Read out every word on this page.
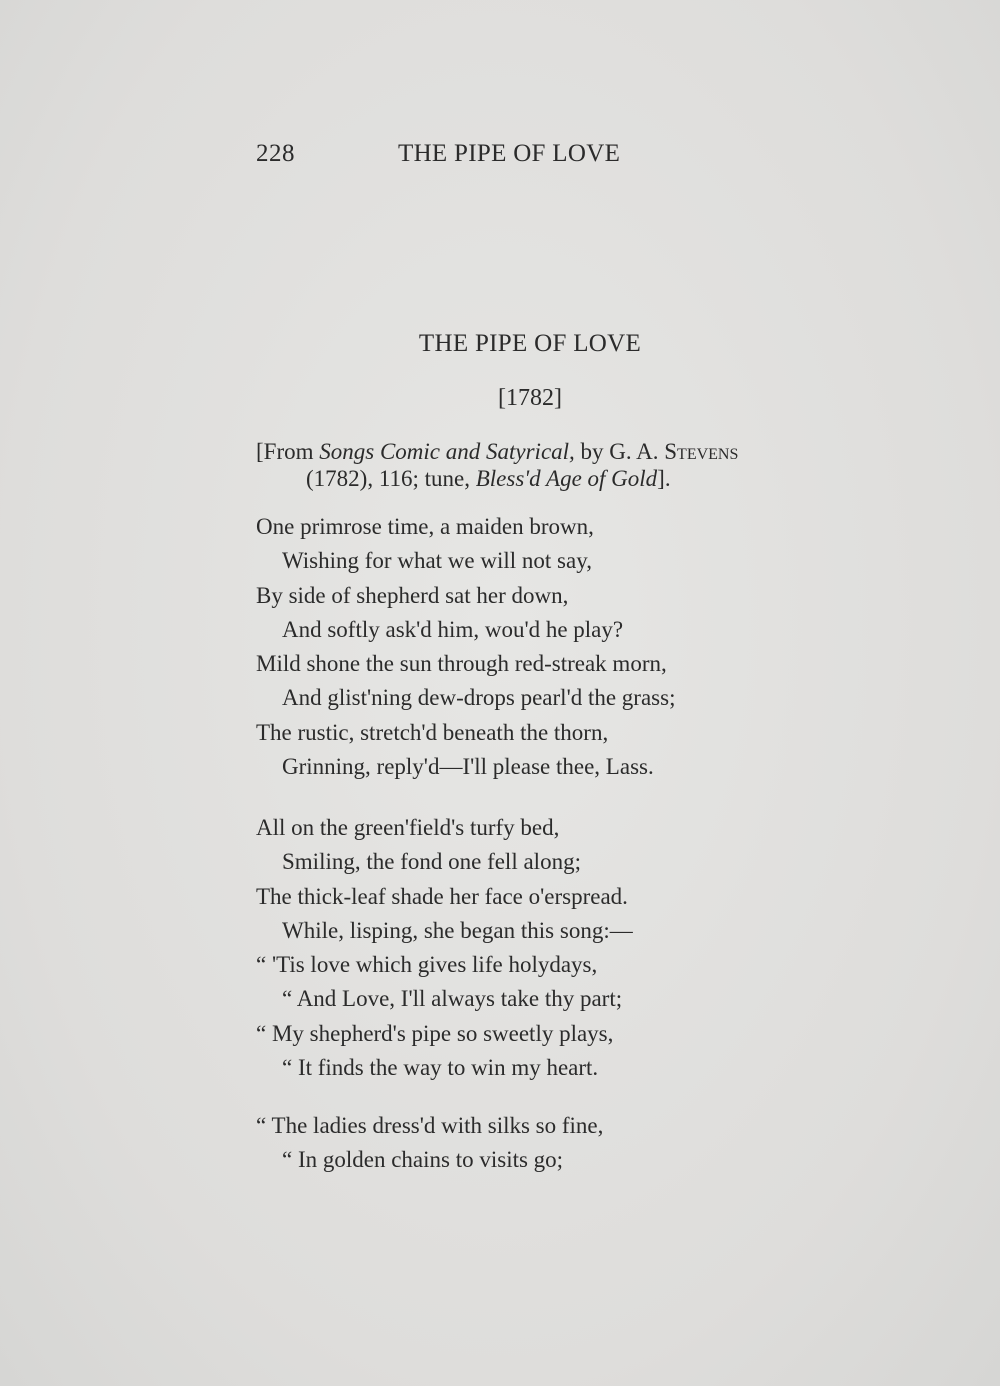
228	THE PIPE OF LOVE
THE PIPE OF LOVE
[1782]
[From Songs Comic and Satyrical, by G. A. Stevens
(1782), 116; tune, Bless'd Age of Gold].
One primrose time, a maiden brown,
Wishing for what we will not say,
By side of shepherd sat her down,
And softly ask'd him, wou'd he play?
Mild shone the sun through red-streak morn,
And glist'ning dew-drops pearl'd the grass;
The rustic, stretch'd beneath the thorn,
Grinning, reply'd—I'll please thee, Lass.
All on the green'field's turfy bed,
Smiling, the fond one fell along;
The thick-leaf shade her face o'erspread.
While, lisping, she began this song:—
“ 'Tis love which gives life holydays,
“ And Love, I'll always take thy part;
“ My shepherd's pipe so sweetly plays,
“ It finds the way to win my heart.
“ The ladies dress'd with silks so fine,
“ In golden chains to visits go;
